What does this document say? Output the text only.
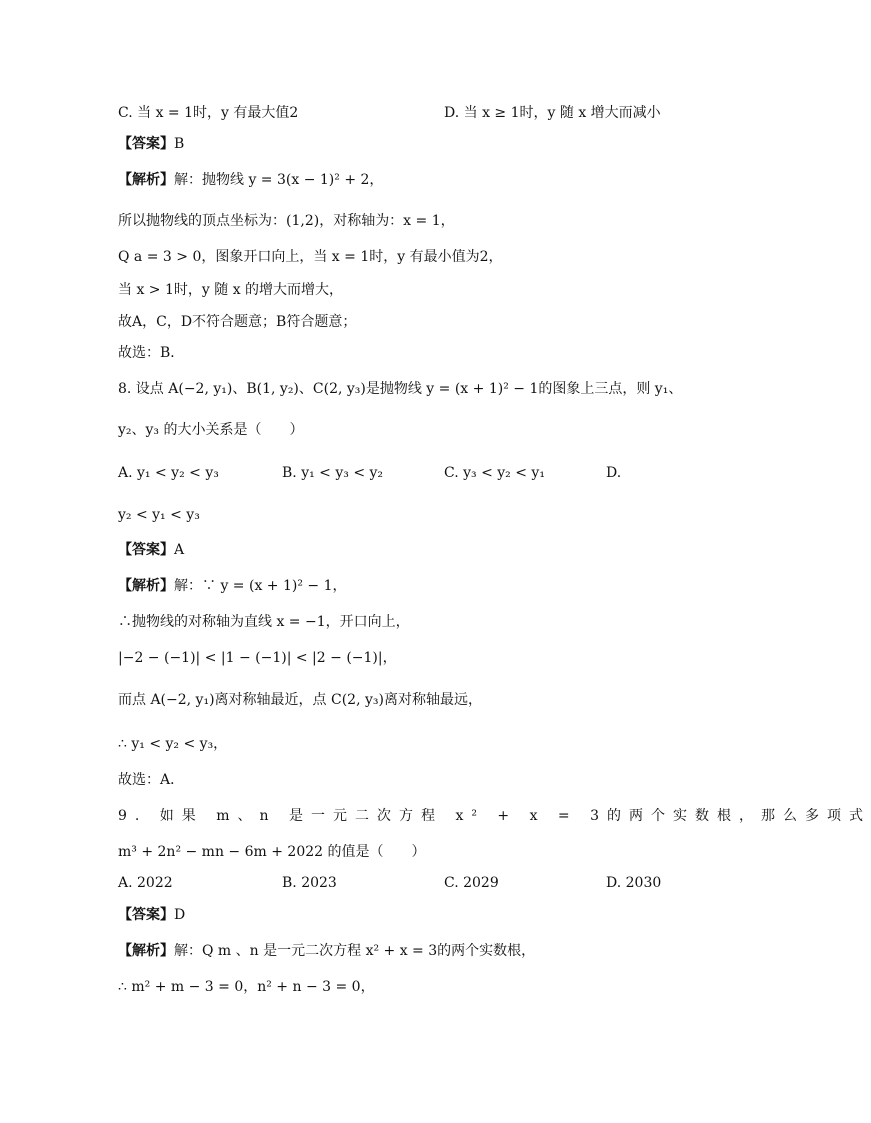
C. 当 x = 1时，y 有最大值2	D. 当 x ≥ 1时，y 随 x 增大而减小
【答案】B
【解析】解：抛物线 y = 3(x − 1)² + 2，
所以抛物线的顶点坐标为：(1,2)，对称轴为：x = 1，
Q a = 3 > 0，图象开口向上，当 x = 1时，y 有最小值为2，
当 x > 1时，y 随 x 的增大而增大，
故A，C，D不符合题意；B符合题意；
故选：B．
8. 设点 A(−2, y₁)、B(1, y₂)、C(2, y₃)是抛物线 y = (x + 1)² − 1的图象上三点，则 y₁、
y₂、y₃ 的大小关系是（　　）
A. y₁ < y₂ < y₃	B. y₁ < y₃ < y₂	C. y₃ < y₂ < y₁	D.
y₂ < y₁ < y₃
【答案】A
【解析】解：∵ y = (x + 1)² − 1，
∴抛物线的对称轴为直线 x = −1，开口向上，
|−2 − (−1)| < |1 − (−1)| < |2 − (−1)|，
而点 A(−2, y₁)离对称轴最近，点 C(2, y₃)离对称轴最远，
∴ y₁ < y₂ < y₃，
故选：A．
9. 如果 m、n 是一元二次方程 x² + x = 3的两个实数根，那么多项式
m³ + 2n² − mn − 6m + 2022 的值是（　　）
A. 2022	B. 2023	C. 2029	D. 2030
【答案】D
【解析】解：Q m 、n 是一元二次方程 x² + x = 3的两个实数根，
∴ m² + m − 3 = 0，n² + n − 3 = 0，
